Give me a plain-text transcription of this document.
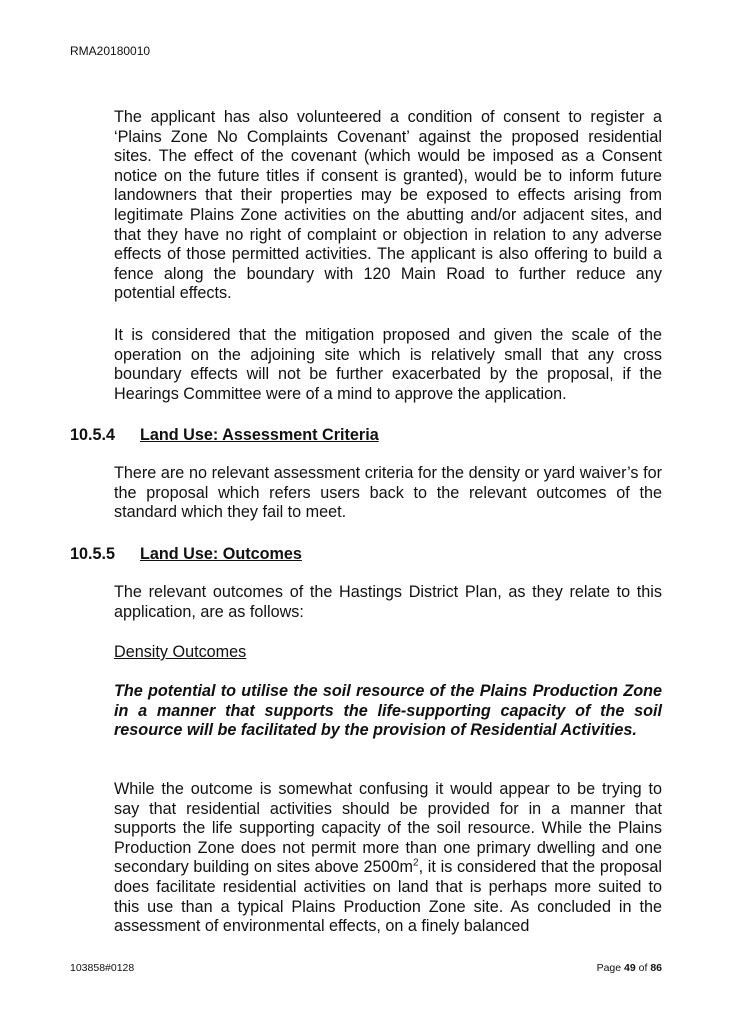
RMA20180010

The applicant has also volunteered a condition of consent to register a ‘Plains Zone No Complaints Covenant’ against the proposed residential sites. The effect of the covenant (which would be imposed as a Consent notice on the future titles if consent is granted), would be to inform future landowners that their properties may be exposed to effects arising from legitimate Plains Zone activities on the abutting and/or adjacent sites, and that they have no right of complaint or objection in relation to any adverse effects of those permitted activities. The applicant is also offering to build a fence along the boundary with 120 Main Road to further reduce any potential effects.

It is considered that the mitigation proposed and given the scale of the operation on the adjoining site which is relatively small that any cross boundary effects will not be further exacerbated by the proposal, if the Hearings Committee were of a mind to approve the application.

10.5.4 Land Use: Assessment Criteria

There are no relevant assessment criteria for the density or yard waiver’s for the proposal which refers users back to the relevant outcomes of the standard which they fail to meet.

10.5.5 Land Use: Outcomes

The relevant outcomes of the Hastings District Plan, as they relate to this application, are as follows:

Density Outcomes

The potential to utilise the soil resource of the Plains Production Zone in a manner that supports the life-supporting capacity of the soil resource will be facilitated by the provision of Residential Activities.

While the outcome is somewhat confusing it would appear to be trying to say that residential activities should be provided for in a manner that supports the life supporting capacity of the soil resource. While the Plains Production Zone does not permit more than one primary dwelling and one secondary building on sites above $2500m^2$, it is considered that the proposal does facilitate residential activities on land that is perhaps more suited to this use than a typical Plains Production Zone site. As concluded in the assessment of environmental effects, on a finely balanced

103858#0128	Page 49 of 86
